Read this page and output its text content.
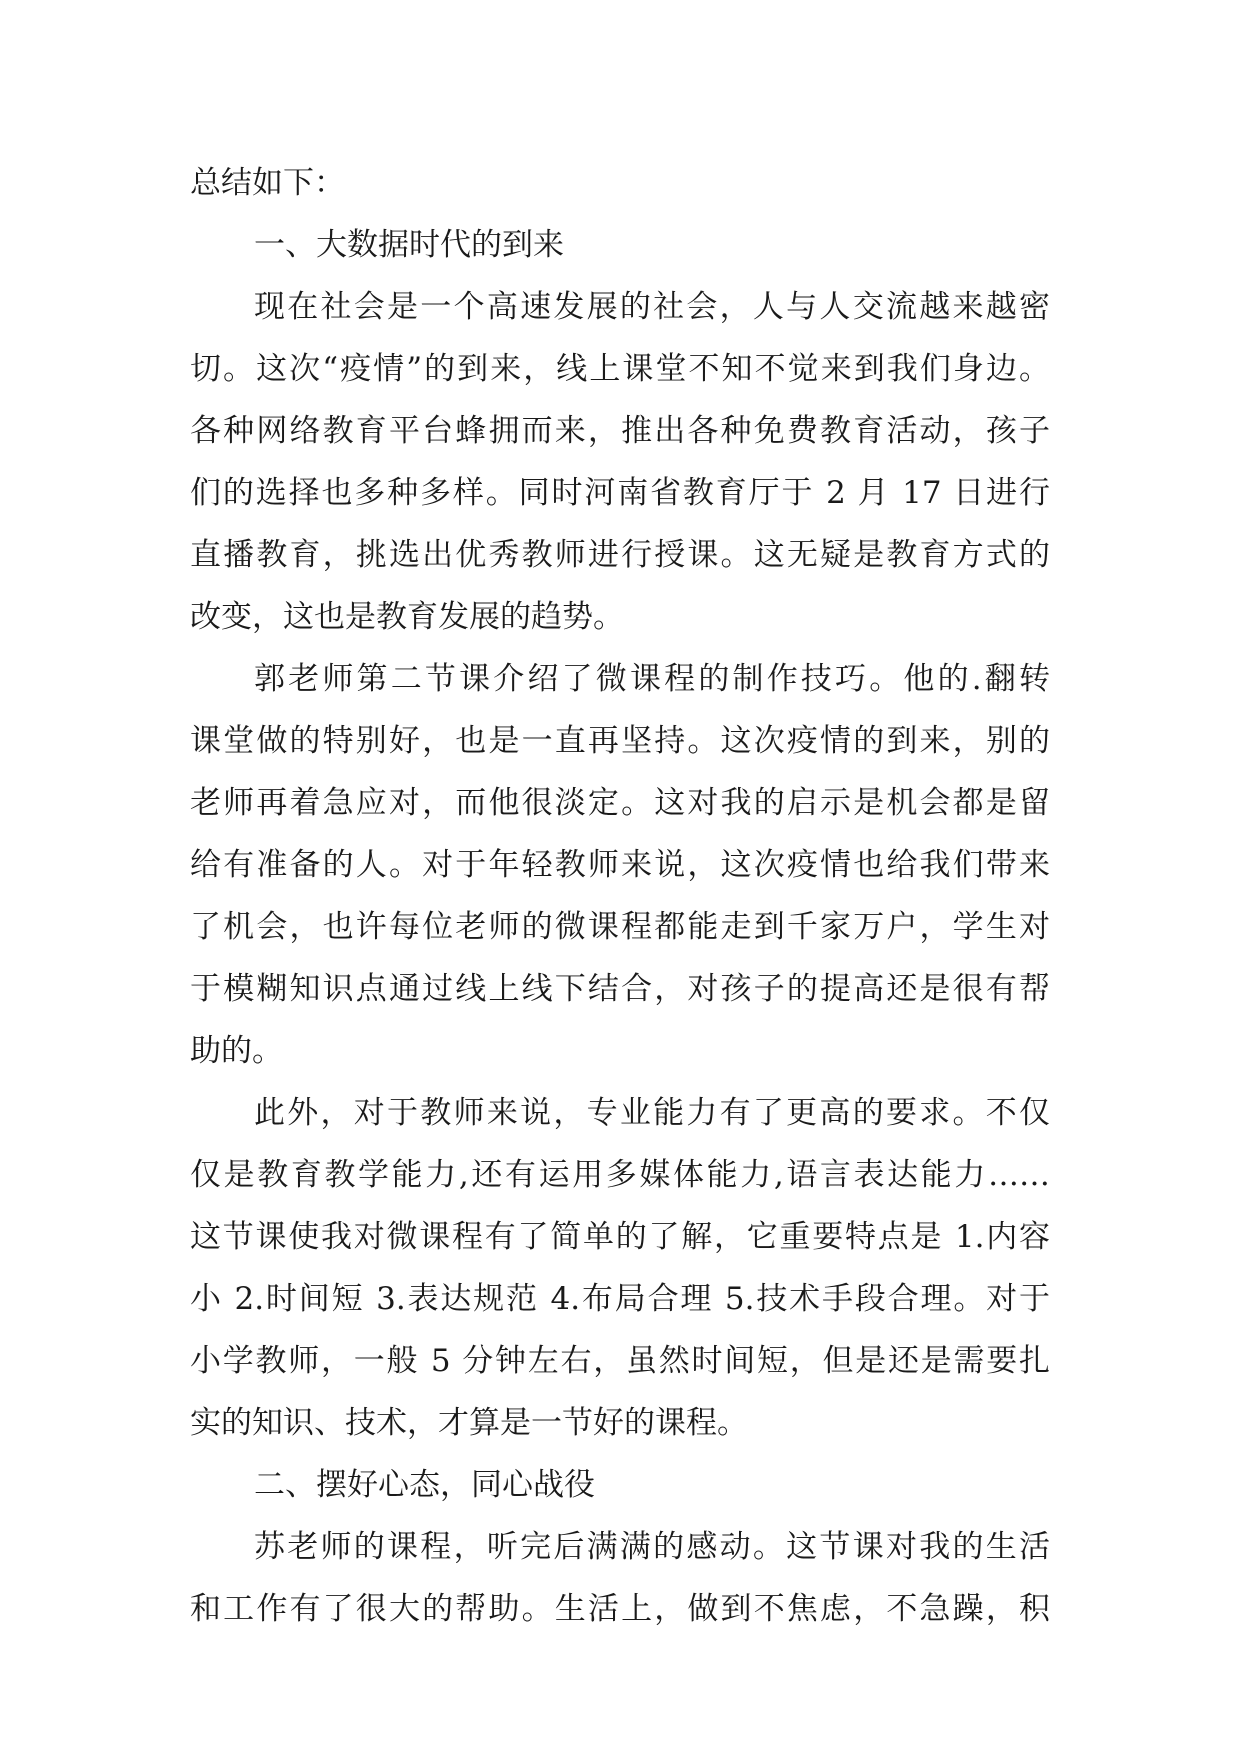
总结如下：
一、大数据时代的到来
现在社会是一个高速发展的社会，人与人交流越来越密
切。这次“疫情”的到来，线上课堂不知不觉来到我们身边。
各种网络教育平台蜂拥而来，推出各种免费教育活动，孩子
们的选择也多种多样。同时河南省教育厅于 2 月 17 日进行
直播教育，挑选出优秀教师进行授课。这无疑是教育方式的
改变，这也是教育发展的趋势。
郭老师第二节课介绍了微课程的制作技巧。他的.翻转
课堂做的特别好，也是一直再坚持。这次疫情的到来，别的
老师再着急应对，而他很淡定。这对我的启示是机会都是留
给有准备的人。对于年轻教师来说，这次疫情也给我们带来
了机会，也许每位老师的微课程都能走到千家万户，学生对
于模糊知识点通过线上线下结合，对孩子的提高还是很有帮
助的。
此外，对于教师来说，专业能力有了更高的要求。不仅
仅是教育教学能力,还有运用多媒体能力,语言表达能力……
这节课使我对微课程有了简单的了解，它重要特点是 1.内容
小 2.时间短 3.表达规范 4.布局合理 5.技术手段合理。对于
小学教师，一般 5 分钟左右，虽然时间短，但是还是需要扎
实的知识、技术，才算是一节好的课程。
二、摆好心态，同心战役
苏老师的课程，听完后满满的感动。这节课对我的生活
和工作有了很大的帮助。生活上，做到不焦虑，不急躁，积
